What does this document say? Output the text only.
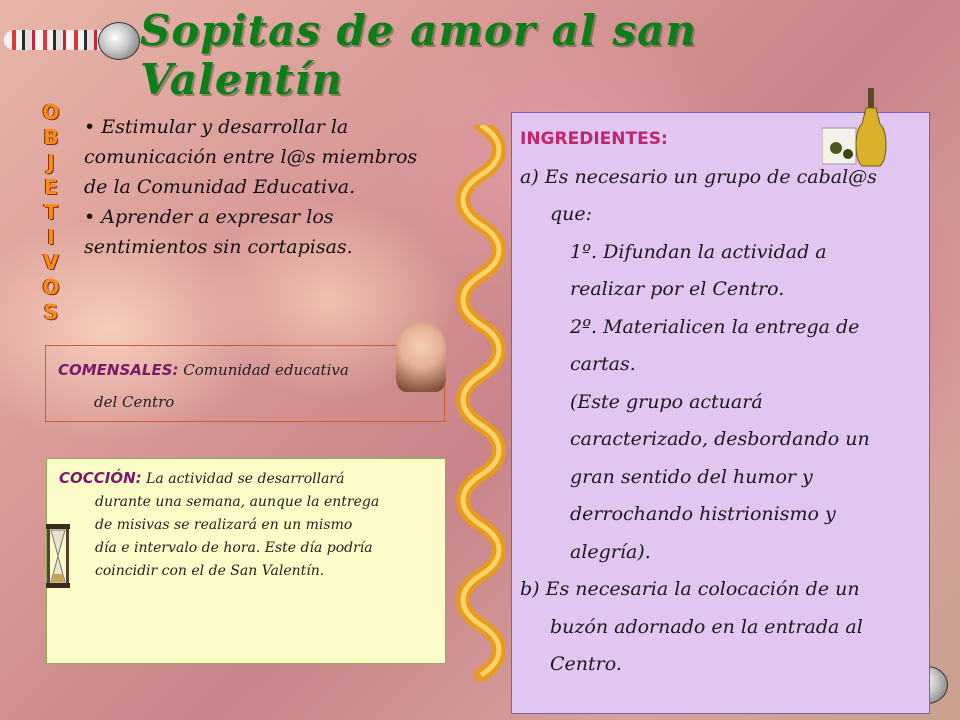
Sopitas de amor al san Valentín
O
B
J
E
T
I
V
O
S
• Estimular y desarrollar la comunicación entre l@s miembros de la Comunidad Educativa.
• Aprender a expresar los sentimientos sin cortapisas.
COMENSALES: Comunidad educativa
del Centro
COCCIÓN: La actividad se desarrollará
durante una semana, aunque la entrega
de misivas se realizará en un mismo
día e intervalo de hora. Este día podría
coincidir con el de San Valentín.
INGREDIENTES:
a) Es necesario un grupo de cabal@s
que:
1º. Difundan la actividad a
realizar por el Centro.
2º. Materialicen la entrega de
cartas.
(Este grupo actuará
caracterizado, desbordando un
gran sentido del humor y
derrochando histrionismo y
alegría).
b) Es necesaria la colocación de un
buzón adornado en la entrada al
Centro.
